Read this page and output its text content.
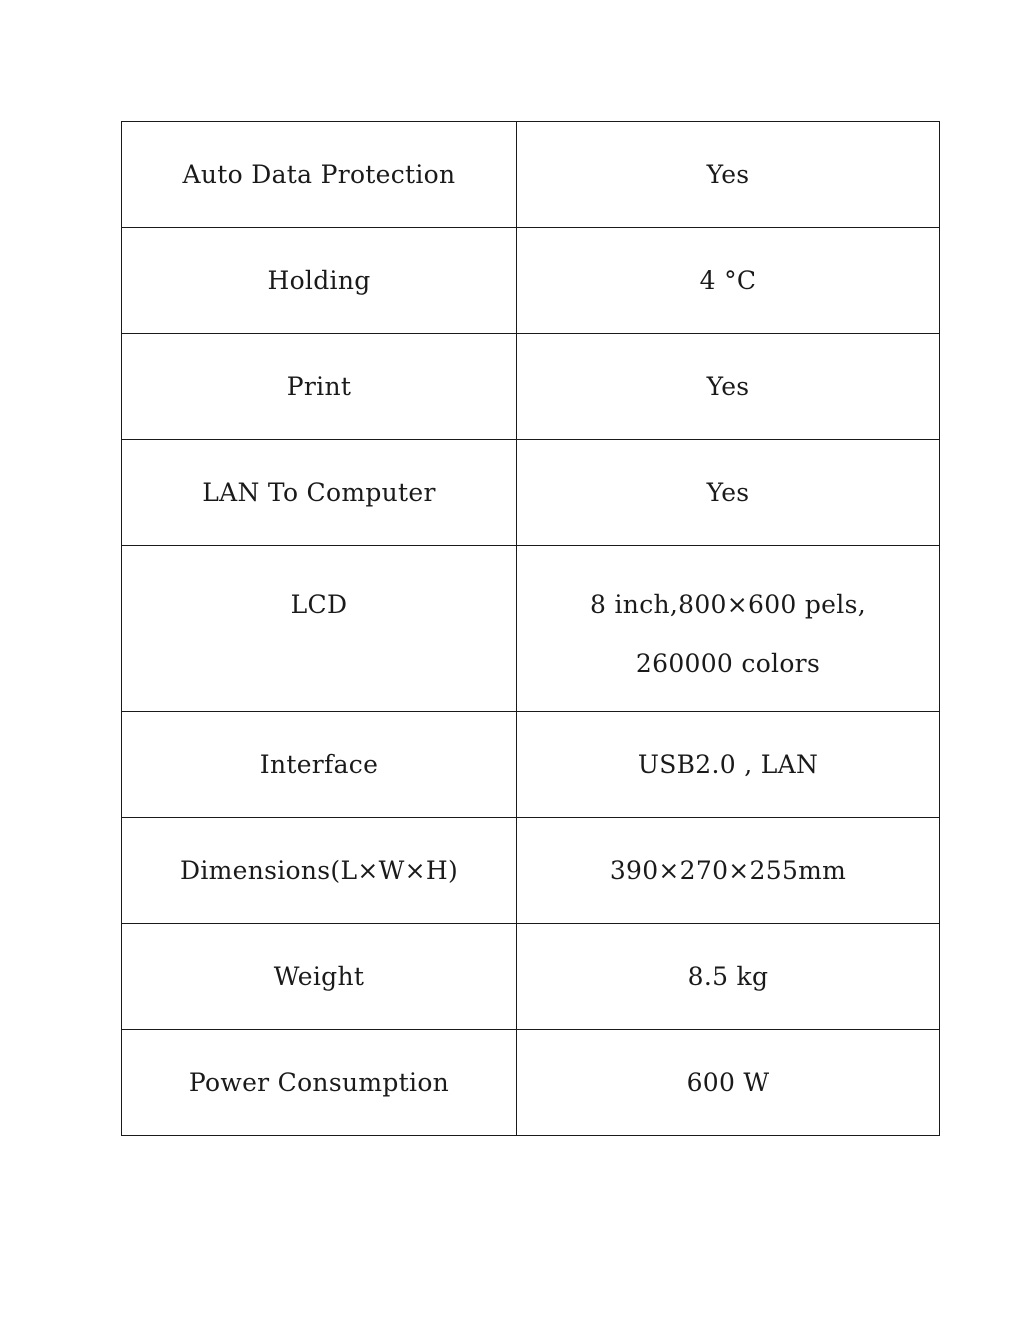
Auto Data Protection	Yes
Holding	4 °C
Print	Yes
LAN To Computer	Yes
LCD	8 inch,800×600 pels,
260000 colors

Interface	USB2.0 , LAN
Dimensions(L×W×H)	390×270×255mm
Weight	8.5 kg
Power Consumption	600 W
